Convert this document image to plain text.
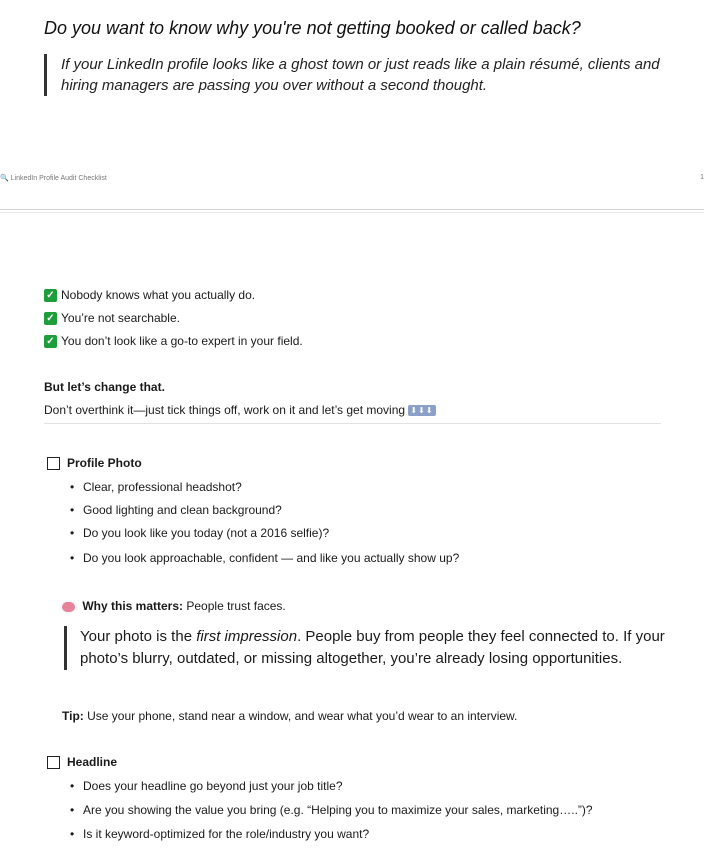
Do you want to know why you're not getting booked or called back?
If your LinkedIn profile looks like a ghost town or just reads like a plain résumé, clients and hiring managers are passing you over without a second thought.
🔍 LinkedIn Profile Audit Checklist	1
✓ Nobody knows what you actually do.
✓ You’re not searchable.
✓ You don’t look like a go-to expert in your field.
But let’s change that.
Don’t overthink it—just tick things off, work on it and let’s get moving ⬇⬇⬇
Profile Photo
• Clear, professional headshot?
• Good lighting and clean background?
• Do you look like you today (not a 2016 selfie)?
• Do you look approachable, confident — and like you actually show up?
Why this matters: People trust faces.
Your photo is the first impression. People buy from people they feel connected to. If your photo’s blurry, outdated, or missing altogether, you’re already losing opportunities.
Tip: Use your phone, stand near a window, and wear what you’d wear to an interview.
Headline
• Does your headline go beyond just your job title?
• Are you showing the value you bring (e.g. “Helping you to maximize your sales, marketing…..”)?
• Is it keyword-optimized for the role/industry you want?
